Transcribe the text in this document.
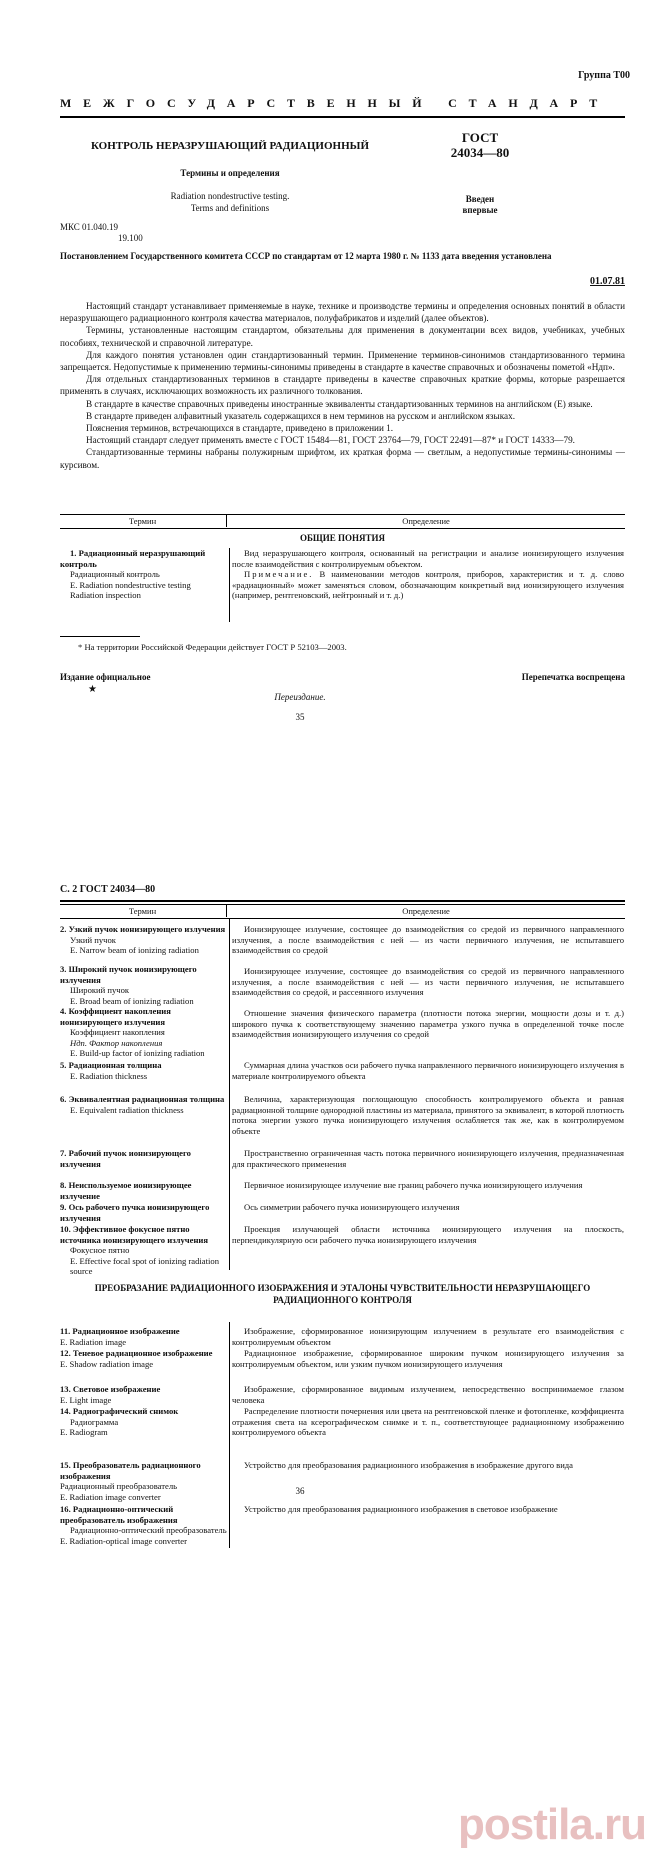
Группа Т00
МЕЖГОСУДАРСТВЕННЫЙ СТАНДАРТ
КОНТРОЛЬ НЕРАЗРУШАЮЩИЙ РАДИАЦИОННЫЙ
Термины и определения
Radiation nondestructive testing.
Terms and definitions
ГОСТ
24034—80
Введен
впервые
МКС 01.040.19
19.100
Постановлением Государственного комитета СССР по стандартам от 12 марта 1980 г. № 1133 дата введения установлена
01.07.81

Настоящий стандарт устанавливает применяемые в науке, технике и производстве термины и определения основных понятий в области неразрушающего радиационного контроля качества материалов, полуфабрикатов и изделий (далее объектов).

Термины, установленные настоящим стандартом, обязательны для применения в документации всех видов, учебниках, учебных пособиях, технической и справочной литературе.

Для каждого понятия установлен один стандартизованный термин. Применение терминов-синонимов стандартизованного термина запрещается. Недопустимые к применению термины-синонимы приведены в стандарте в качестве справочных и обозначены пометой «Ндп».

Для отдельных стандартизованных терминов в стандарте приведены в качестве справочных краткие формы, которые разрешается применять в случаях, исключающих возможность их различного толкования.

В стандарте в качестве справочных приведены иностранные эквиваленты стандартизованных терминов на английском (Е) языке.

В стандарте приведен алфавитный указатель содержащихся в нем терминов на русском и английском языках.

Пояснения терминов, встречающихся в стандарте, приведено в приложении 1.

Настоящий стандарт следует применять вместе с ГОСТ 15484—81, ГОСТ 23764—79, ГОСТ 22491—87* и ГОСТ 14333—79.

Стандартизованные термины набраны полужирным шрифтом, их краткая форма — светлым, а недопустимые термины-синонимы — курсивом.

Термин	Определение
ОБЩИЕ ПОНЯТИЯ
1. Радиационный неразрушающий контроль
Радиационный контроль
E. Radiation nondestructive testing
Radiation inspection

Вид неразрушающего контроля, основанный на регистрации и анализе ионизирующего излучения после взаимодействия с контролируемым объектом.

Примечание. В наименовании методов контроля, приборов, характеристик и т. д. слово «радиационный» может заменяться словом, обозначающим конкретный вид ионизирующего излучения (например, рентгеновский, нейтронный и т. д.)

* На территории Российской Федерации действует ГОСТ Р 52103—2003.
Издание официальное
★
Перепечатка воспрещена
Переиздание.
35
С. 2 ГОСТ 24034—80
Термин	Определение
2. Узкий пучок ионизирующего излучения
Узкий пучок
E. Narrow beam of ionizing radiation
3. Широкий пучок ионизирующего излучения
Широкий пучок
E. Broad beam of ionizing radiation
4. Коэффициент накопления ионизирующего излучения
Коэффициент накопления
Ндп. Фактор накопления
E. Build-up factor of ionizing radiation
5. Радиационная толщина
E. Radiation thickness
6. Эквивалентная радиационная толщина
E. Equivalent radiation thickness
7. Рабочий пучок ионизирующего излучения
8. Неиспользуемое ионизирующее излучение
9. Ось рабочего пучка ионизирующего излучения
10. Эффективное фокусное пятно источника ионизирующего излучения
Фокусное пятно
E. Effective focal spot of ionizing radiation source

Ионизирующее излучение, состоящее до взаимодействия со средой из первичного направленного излучения, а после взаимодействия с ней — из части первичного излучения, не испытавшего взаимодействия со средой

Ионизирующее излучение, состоящее до взаимодействия со средой из первичного направленного излучения, а после взаимодействия с ней — из части первичного излучения, не испытавшего взаимодействия со средой, и рассеянного излучения

Отношение значения физического параметра (плотности потока энергии, мощности дозы и т. д.) широкого пучка к соответствующему значению параметра узкого пучка в определенной точке после взаимодействия ионизирующего излучения со средой

Суммарная длина участков оси рабочего пучка направленного первичного ионизирующего излучения в материале контролируемого объекта

Величина, характеризующая поглощающую способность контролируемого объекта и равная радиационной толщине однородной пластины из материала, принятого за эквивалент, в которой плотность потока энергии узкого пучка ионизирующего излучения ослабляется так же, как в контролируемом объекте

Пространственно ограниченная часть потока первичного ионизирующего излучения, предназначенная для практического применения

Первичное ионизирующее излучение вне границ рабочего пучка ионизирующего излучения

Ось симметрии рабочего пучка ионизирующего излучения

Проекция излучающей области источника ионизирующего излучения на плоскость, перпендикулярную оси рабочего пучка ионизирующего излучения

ПРЕОБРАЗАНИЕ РАДИАЦИОННОГО ИЗОБРАЖЕНИЯ И ЭТАЛОНЫ ЧУВСТВИТЕЛЬНОСТИ НЕРАЗРУШАЮЩЕГО РАДИАЦИОННОГО КОНТРОЛЯ
11. Радиационное изображение
E. Radiation image
12. Теневое радиационное изображение
E. Shadow radiation image
13. Световое изображение
E. Light image
14. Радиографический снимок
Радиограмма
E. Radiogram
15. Преобразователь радиационного изображения
Радиационный преобразователь
E. Radiation image converter
16. Радиационно-оптический преобразователь изображения
Радиационно-оптический преобразователь
E. Radiation-optical image converter

Изображение, сформированное ионизирующим излучением в результате его взаимодействия с контролируемым объектом

Радиационное изображение, сформированное широким пучком ионизирующего излучения за контролируемым объектом, или узким пучком ионизирующего излучения

Изображение, сформированное видимым излучением, непосредственно воспринимаемое глазом человека

Распределение плотности почернения или цвета на рентгеновской пленке и фотопленке, коэффициента отражения света на ксерографическом снимке и т. п., соответствующее радиационному изображению контролируемого объекта

Устройство для преобразования радиационного изображения в изображение другого вида

Устройство для преобразования радиационного изображения в световое изображение

36
postila.ru
